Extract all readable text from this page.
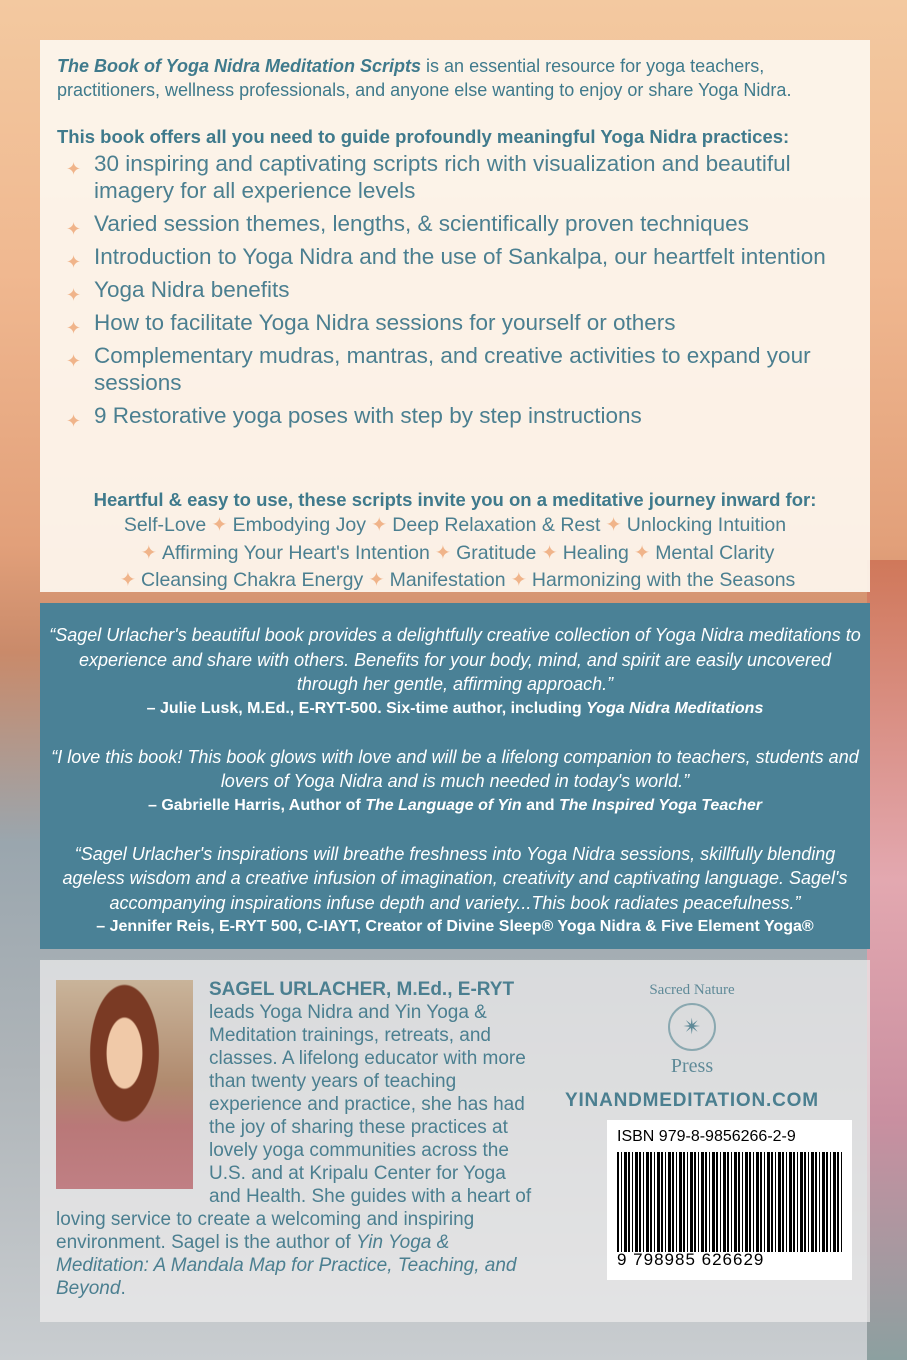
The Book of Yoga Nidra Meditation Scripts is an essential resource for yoga teachers, practitioners, wellness professionals, and anyone else wanting to enjoy or share Yoga Nidra.

This book offers all you need to guide profoundly meaningful Yoga Nidra practices:

✦ 30 inspiring and captivating scripts rich with visualization and beautiful imagery for all experience levels
✦ Varied session themes, lengths, & scientifically proven techniques
✦ Introduction to Yoga Nidra and the use of Sankalpa, our heartfelt intention
✦ Yoga Nidra benefits
✦ How to facilitate Yoga Nidra sessions for yourself or others
✦ Complementary mudras, mantras, and creative activities to expand your sessions
✦ 9 Restorative yoga poses with step by step instructions

Heartful & easy to use, these scripts invite you on a meditative journey inward for:

Self-Love ✦ Embodying Joy ✦ Deep Relaxation & Rest ✦ Unlocking Intuition
✦ Affirming Your Heart's Intention ✦ Gratitude ✦ Healing ✦ Mental Clarity
✦ Cleansing Chakra Energy ✦ Manifestation ✦ Harmonizing with the Seasons

“Sagel Urlacher's beautiful book provides a delightfully creative collection of Yoga Nidra meditations to experience and share with others. Benefits for your body, mind, and spirit are easily uncovered through her gentle, affirming approach.”

– Julie Lusk, M.Ed., E-RYT-500. Six-time author, including Yoga Nidra Meditations

“I love this book! This book glows with love and will be a lifelong companion to teachers, students and lovers of Yoga Nidra and is much needed in today's world.”

– Gabrielle Harris, Author of The Language of Yin and The Inspired Yoga Teacher

“Sagel Urlacher's inspirations will breathe freshness into Yoga Nidra sessions, skillfully blending ageless wisdom and a creative infusion of imagination, creativity and captivating language. Sagel's accompanying inspirations infuse depth and variety...This book radiates peacefulness.”

– Jennifer Reis, E-RYT 500, C-IAYT, Creator of Divine Sleep® Yoga Nidra & Five Element Yoga®

SAGEL URLACHER, M.Ed., E-RYT leads Yoga Nidra and Yin Yoga & Meditation trainings, retreats, and classes. A lifelong educator with more than twenty years of teaching experience and practice, she has had the joy of sharing these practices at lovely yoga communities across the U.S. and at Kripalu Center for Yoga and Health. She guides with a heart of loving service to create a welcoming and inspiring environment. Sagel is the author of Yin Yoga & Meditation: A Mandala Map for Practice, Teaching, and Beyond.

Sacred Nature
✴
Press
YINANDMEDITATION.COM
ISBN 979-8-9856266-2-9
9 798985 626629
